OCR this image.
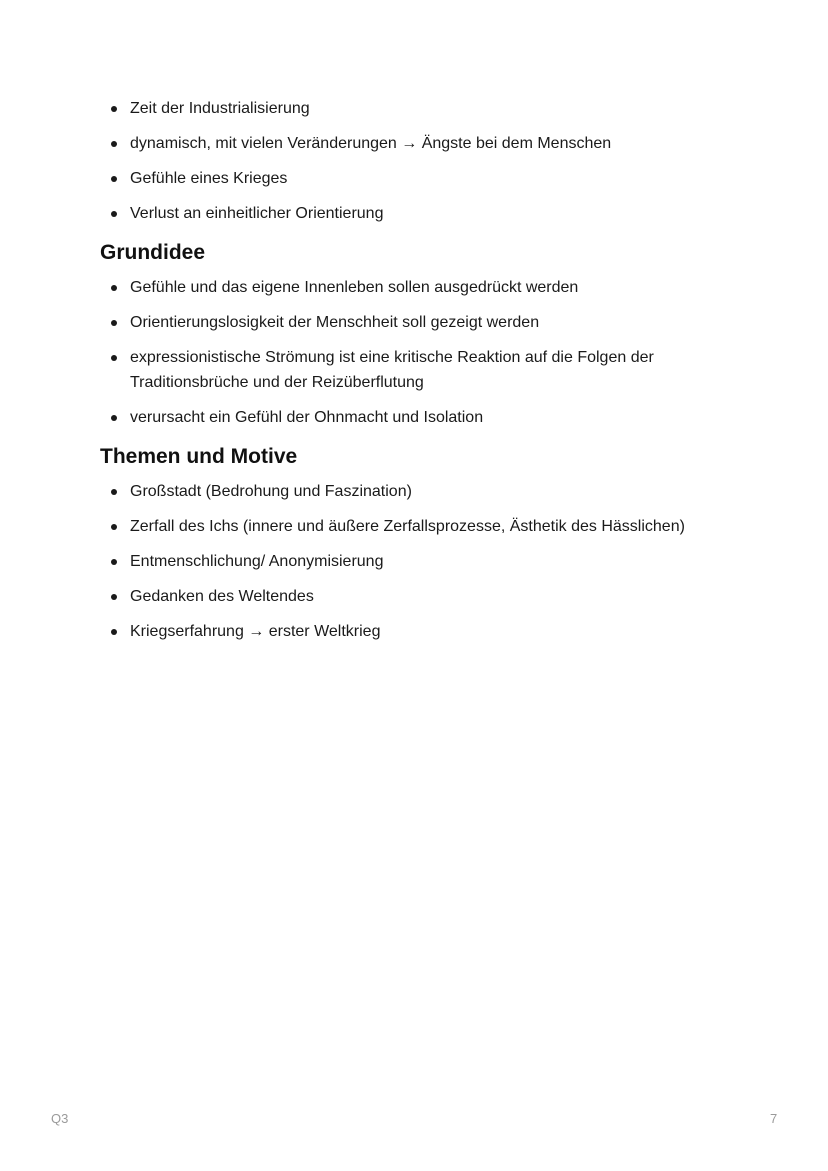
Zeit der Industrialisierung
dynamisch, mit vielen Veränderungen → Ängste bei dem Menschen
Gefühle eines Krieges
Verlust an einheitlicher Orientierung
Grundidee
Gefühle und das eigene Innenleben sollen ausgedrückt werden
Orientierungslosigkeit der Menschheit soll gezeigt werden
expressionistische Strömung ist eine kritische Reaktion auf die Folgen der Traditionsbrüche und der Reizüberflutung
verursacht ein Gefühl der Ohnmacht und Isolation
Themen und Motive
Großstadt (Bedrohung und Faszination)
Zerfall des Ichs (innere und äußere Zerfallsprozesse, Ästhetik des Hässlichen)
Entmenschlichung/ Anonymisierung
Gedanken des Weltendes
Kriegserfahrung → erster Weltkrieg
Q3	7
